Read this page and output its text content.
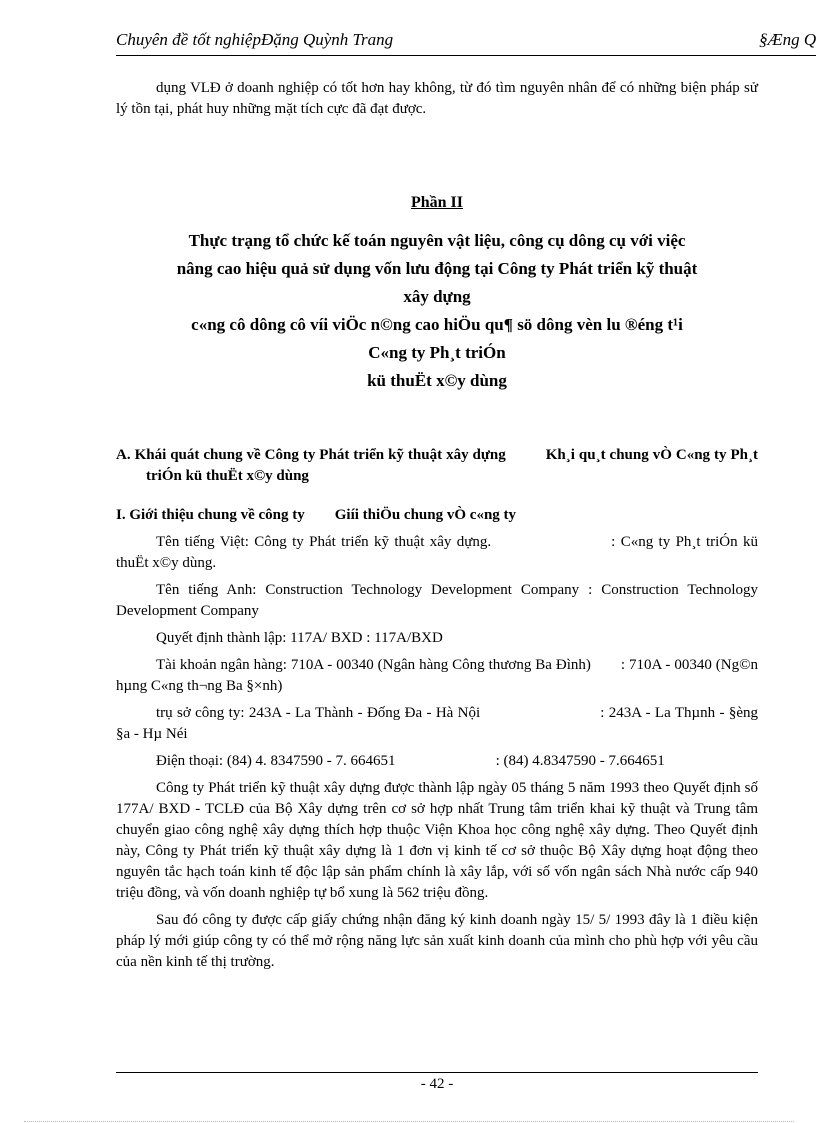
Chuyên đề tốt nghiệpĐặng Quỳnh Trang	§Æng Q

dụng VLĐ ở doanh nghiệp có tốt hơn hay không, từ đó tìm nguyên nhân để có những biện pháp sử lý tồn tại, phát huy những mặt tích cực đã đạt được.

Phần II

Thực trạng tổ chức kế toán nguyên vật liệu, công cụ dông cụ với việc
nâng cao hiệu quả sử dụng vốn lưu động tại Công ty Phát triển kỹ thuật
xây dựng
c«ng cô dông cô víi viÖc n©ng cao hiÖu qu¶ sö dông vèn lu ®éng t¹i
C«ng ty Ph¸t triÓn
kü thuËt x©y dùng

A. Khái quát chung về Công ty Phát triển kỹ thuật xây dựng	Kh¸i qu¸t chung vÒ C«ng ty Ph¸t triÓn kü thuËt x©y dùng

I. Giới thiệu chung về công ty Giíi thiÖu chung vÒ c«ng ty

Tên tiếng Việt: Công ty Phát triển kỹ thuật xây dựng.	: C«ng ty Ph¸t triÓn kü thuËt x©y dùng.

Tên tiếng Anh: Construction Technology Development Company : Construction Technology Development Company

Quyết định thành lập: 117A/ BXD : 117A/BXD

Tài khoản ngân hàng: 710A - 00340 (Ngân hàng Công thương Ba Đình) : 710A - 00340 (Ng©n hµng C«ng th¬ng Ba §×nh)

trụ sở công ty: 243A - La Thành - Đống Đa - Hà Nội	: 243A - La Thµnh - §èng §a - Hµ Néi

Điện thoại: (84) 4. 8347590 - 7. 664651	: (84) 4.8347590 - 7.664651

Công ty Phát triển kỹ thuật xây dựng được thành lập ngày 05 tháng 5 năm 1993 theo Quyết định số 177A/ BXD - TCLĐ của Bộ Xây dựng trên cơ sở hợp nhất Trung tâm triển khai kỹ thuật và Trung tâm chuyển giao công nghệ xây dựng thích hợp thuộc Viện Khoa học công nghệ xây dựng. Theo Quyết định này, Công ty Phát triển kỹ thuật xây dựng là 1 đơn vị kinh tế cơ sở thuộc Bộ Xây dựng hoạt động theo nguyên tắc hạch toán kinh tế độc lập sản phẩm chính là xây lắp, với số vốn ngân sách Nhà nước cấp 940 triệu đồng, và vốn doanh nghiệp tự bổ xung là 562 triệu đồng.

Sau đó công ty được cấp giấy chứng nhận đăng ký kinh doanh ngày 15/ 5/ 1993 đây là 1 điều kiện pháp lý mới giúp công ty có thể mở rộng năng lực sản xuất kinh doanh của mình cho phù hợp với yêu cầu của nền kinh tế thị trường.

- 42 -
